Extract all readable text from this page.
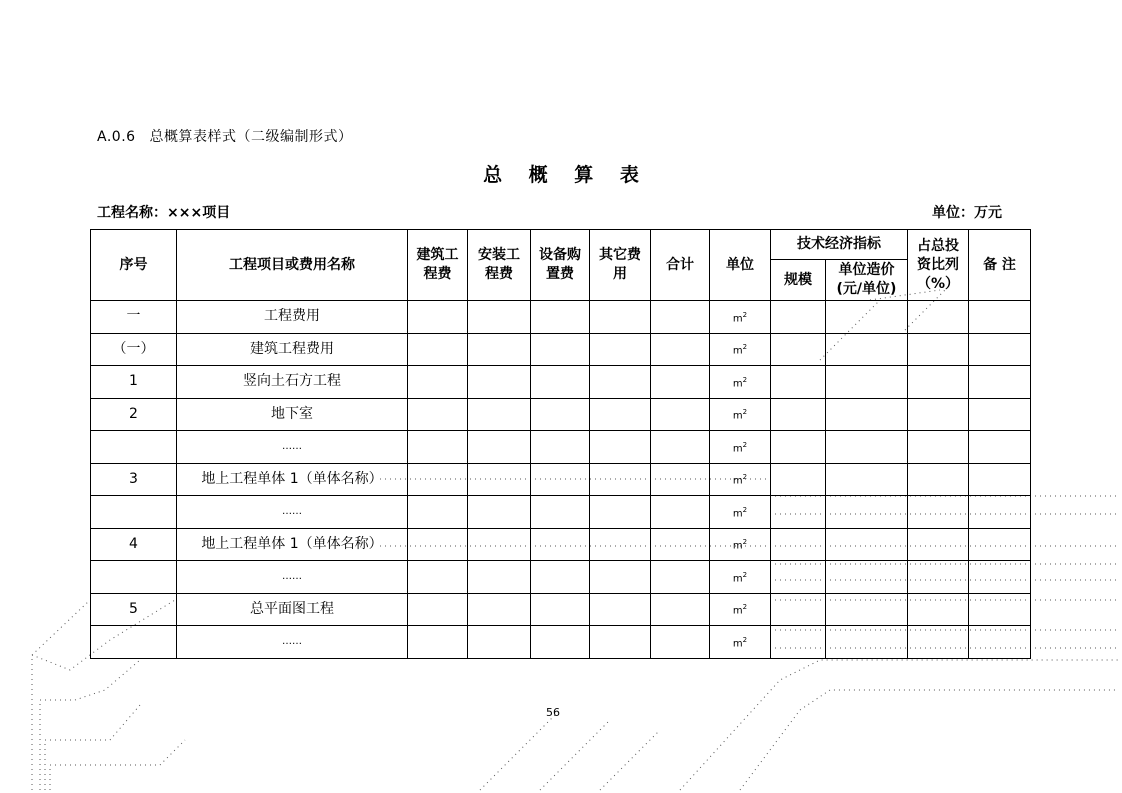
A.0.6 总概算表样式（二级编制形式）
总 概 算 表
工程名称：×××项目	单位：万元
序号	工程项目或费用名称	建筑工程费	安装工程费	设备购置费	其它费用	合计	单位	技术经济指标		占总投资比列（%）	备 注
								规模	单位造价(元/单位)		

一	工程费用						$m^2$				
（一）	建筑工程费用						$m^2$				
1	竖向土石方工程						$m^2$				
2	地下室						$m^2$				
	……						$m^2$				
3	地上工程单体 1（单体名称）						$m^2$				
	……						$m^2$				
4	地上工程单体 1（单体名称）						$m^2$				
	……						$m^2$				
5	总平面图工程						$m^2$				
	……						$m^2$				
56
